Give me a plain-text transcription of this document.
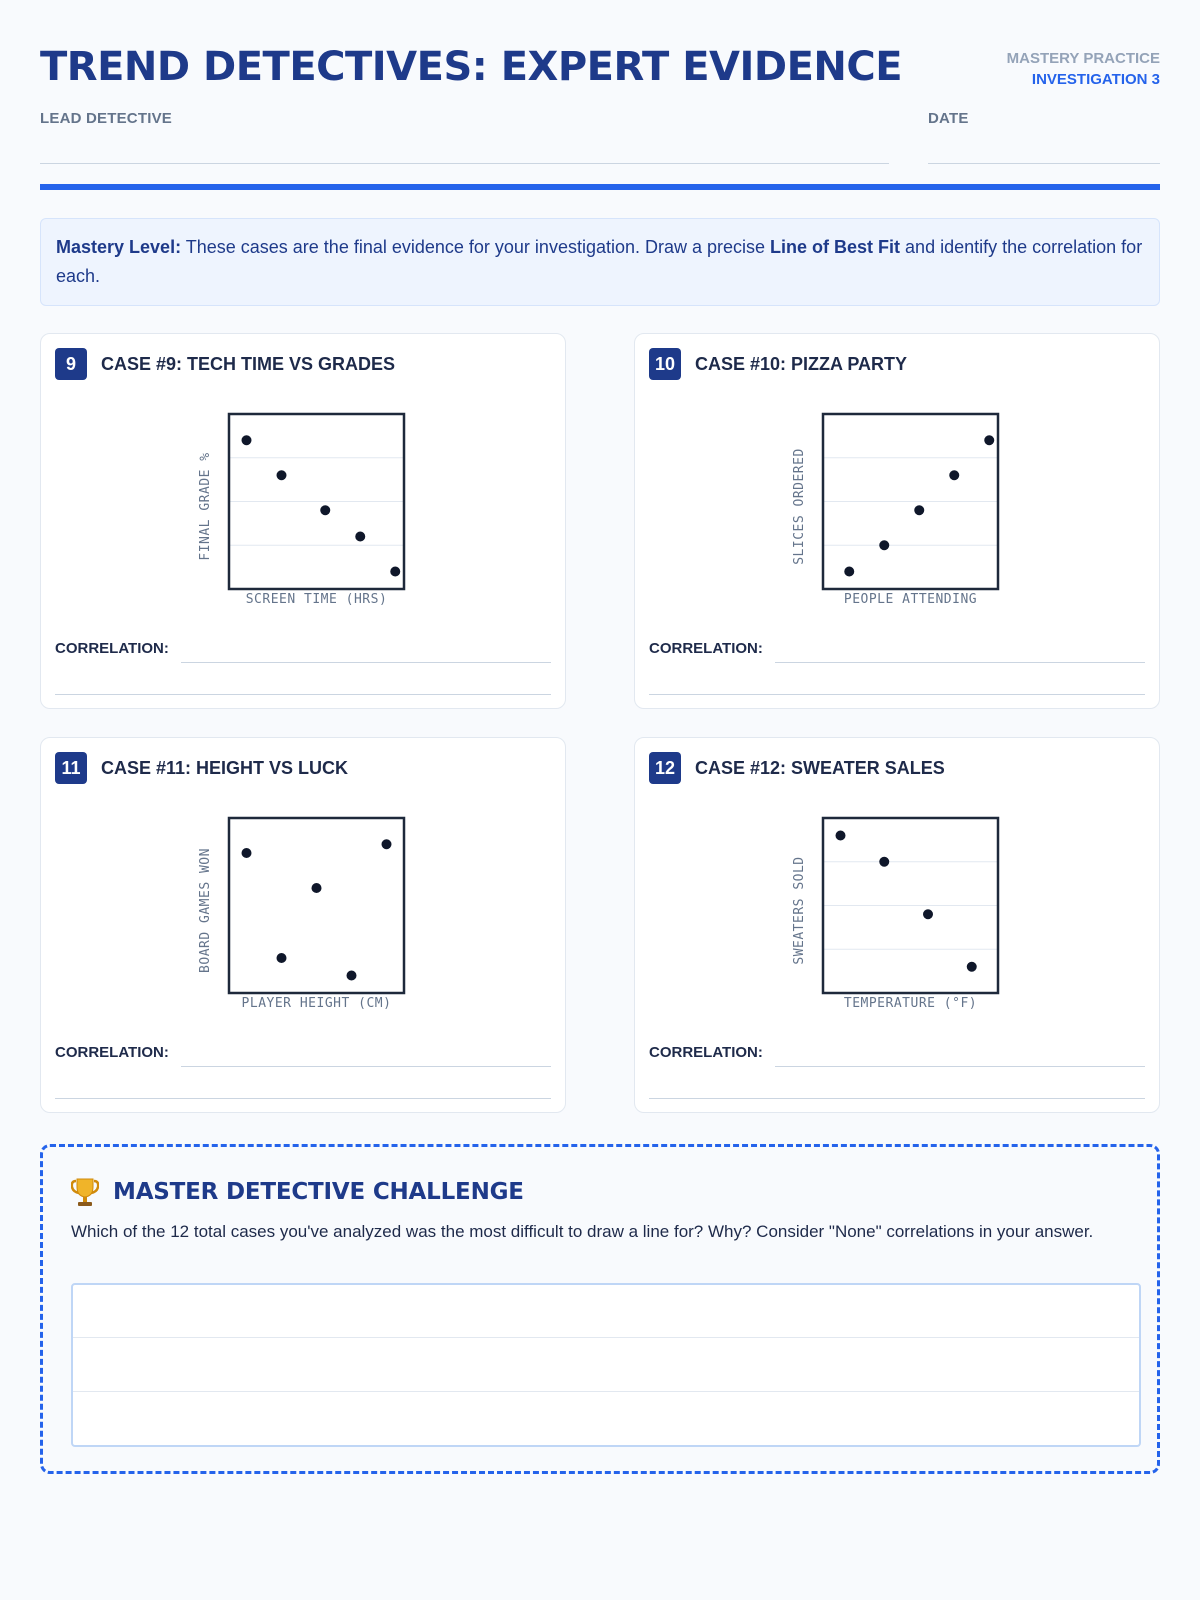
TREND DETECTIVES: EXPERT EVIDENCE	MASTERY PRACTICE
INVESTIGATION 3
LEAD DETECTIVE	DATE
Mastery Level: These cases are the final evidence for your investigation. Draw a precise Line of Best Fit and identify the correlation for each.
9	CASE #9: TECH TIME VS GRADES
SCREEN TIME (HRS)
FINAL GRADE %
CORRELATION:
10	CASE #10: PIZZA PARTY
PEOPLE ATTENDING
SLICES ORDERED
CORRELATION:
11	CASE #11: HEIGHT VS LUCK
PLAYER HEIGHT (CM)
BOARD GAMES WON
CORRELATION:
12	CASE #12: SWEATER SALES
TEMPERATURE (°F)
SWEATERS SOLD
CORRELATION:
MASTER DETECTIVE CHALLENGE
Which of the 12 total cases you've analyzed was the most difficult to draw a line for? Why? Consider "None" correlations in your answer.
